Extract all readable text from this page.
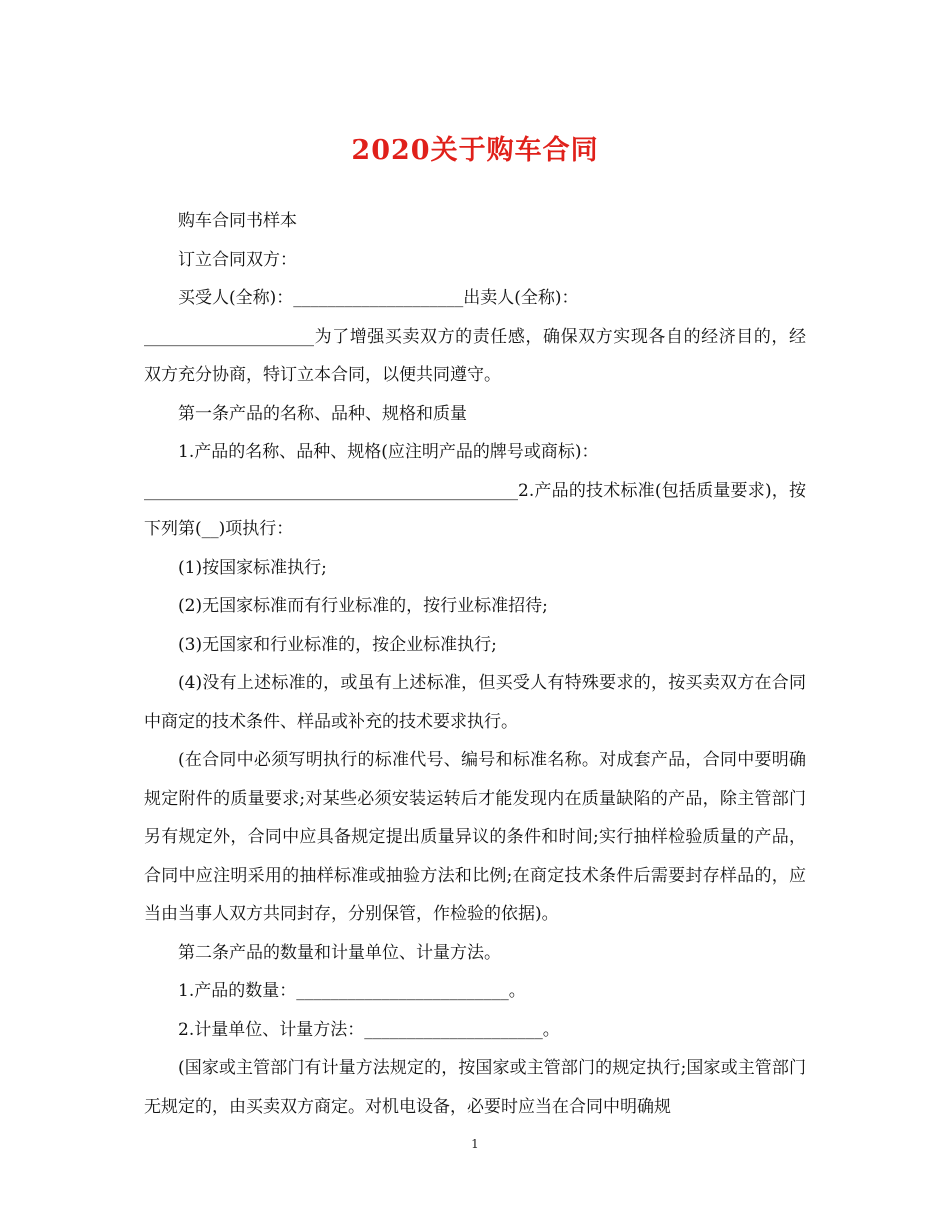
2020关于购车合同

购车合同书样本

订立合同双方：

买受人(全称)：____________________出卖人(全称)：

____________________为了增强买卖双方的责任感，确保双方实现各自的经济目的，经双方充分协商，特订立本合同，以便共同遵守。

第一条产品的名称、品种、规格和质量

1.产品的名称、品种、规格(应注明产品的牌号或商标)：

____________________________________________2.产品的技术标准(包括质量要求)，按下列第(__)项执行：

(1)按国家标准执行;

(2)无国家标准而有行业标准的，按行业标准招待;

(3)无国家和行业标准的，按企业标准执行;

(4)没有上述标准的，或虽有上述标准，但买受人有特殊要求的，按买卖双方在合同中商定的技术条件、样品或补充的技术要求执行。

(在合同中必须写明执行的标准代号、编号和标准名称。对成套产品，合同中要明确规定附件的质量要求;对某些必须安装运转后才能发现内在质量缺陷的产品，除主管部门另有规定外，合同中应具备规定提出质量异议的条件和时间;实行抽样检验质量的产品，合同中应注明采用的抽样标准或抽验方法和比例;在商定技术条件后需要封存样品的，应当由当事人双方共同封存，分别保管，作检验的依据)。

第二条产品的数量和计量单位、计量方法。

1.产品的数量：_________________________。

2.计量单位、计量方法：_____________________。

(国家或主管部门有计量方法规定的，按国家或主管部门的规定执行;国家或主管部门无规定的，由买卖双方商定。对机电设备，必要时应当在合同中明确规

1
